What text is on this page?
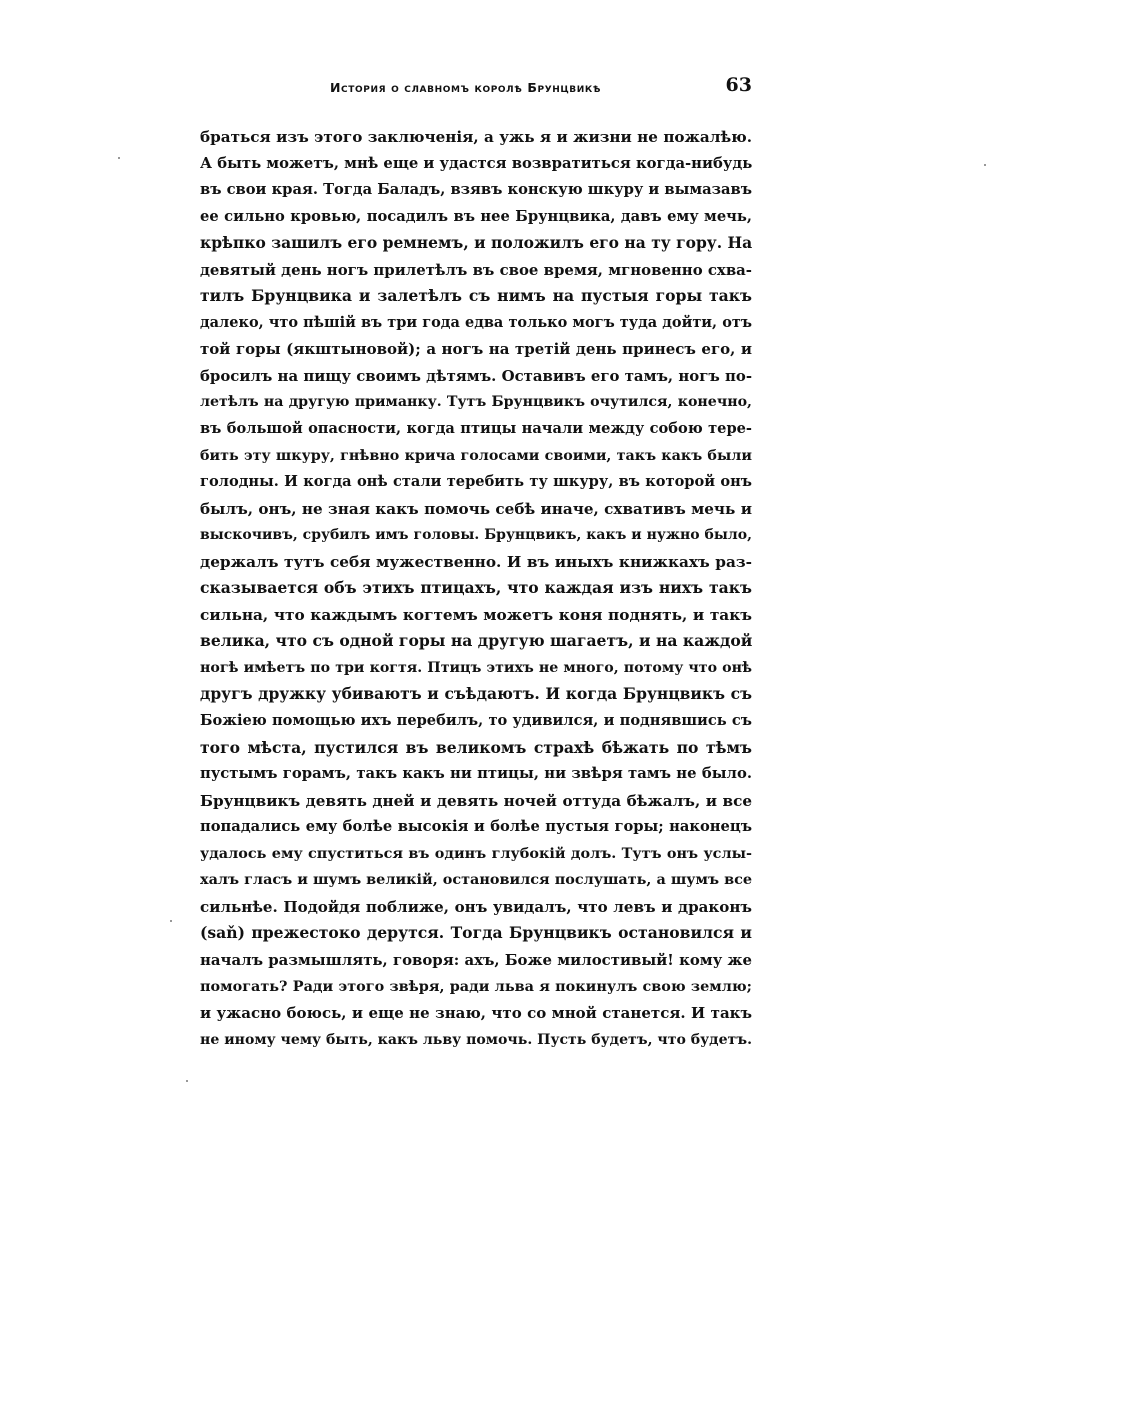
История о славномъ королѣ Брунцвикѣ	63
браться изъ этого заключенія, а ужь я и жизни не пожалѣю.
А быть можетъ, мнѣ еще и удастся возвратиться когда-нибудь
въ свои края. Тогда Баладъ, взявъ конскую шкуру и вымазавъ
ее сильно кровью, посадилъ въ нее Брунцвика, давъ ему мечь,
крѣпко зашилъ его ремнемъ, и положилъ его на ту гору. На
девятый день ногъ прилетѣлъ въ свое время, мгновенно схва-
тилъ Брунцвика и залетѣлъ съ нимъ на пустыя горы такъ
далеко, что пѣшій въ три года едва только могъ туда дойти, отъ
той горы (якштыновой); а ногъ на третій день принесъ его, и
бросилъ на пищу своимъ дѣтямъ. Оставивъ его тамъ, ногъ по-
летѣлъ на другую приманку. Тутъ Брунцвикъ очутился, конечно,
въ большой опасности, когда птицы начали между собою тере-
бить эту шкуру, гнѣвно крича голосами своими, такъ какъ были
голодны. И когда онѣ стали теребить ту шкуру, въ которой онъ
былъ, онъ, не зная какъ помочь себѣ иначе, схвативъ мечь и
выскочивъ, срубилъ имъ головы. Брунцвикъ, какъ и нужно было,
держалъ тутъ себя мужественно. И въ иныхъ книжкахъ раз-
сказывается объ этихъ птицахъ, что каждая изъ нихъ такъ
сильна, что каждымъ когтемъ можетъ коня поднять, и такъ
велика, что съ одной горы на другую шагаетъ, и на каждой
ногѣ имѣетъ по три когтя. Птицъ этихъ не много, потому что онѣ
другъ дружку убиваютъ и съѣдаютъ. И когда Брунцвикъ съ
Божіею помощью ихъ перебилъ, то удивился, и поднявшись съ
того мѣста, пустился въ великомъ страхѣ бѣжать по тѣмъ
пустымъ горамъ, такъ какъ ни птицы, ни звѣря тамъ не было.
Брунцвикъ девять дней и девять ночей оттуда бѣжалъ, и все
попадались ему болѣе высокія и болѣе пустыя горы; наконецъ
удалось ему спуститься въ одинъ глубокій долъ. Тутъ онъ услы-
халъ гласъ и шумъ великій, остановился послушать, а шумъ все
сильнѣе. Подойдя поближе, онъ увидалъ, что левъ и драконъ
(saň) прежестоко дерутся. Тогда Брунцвикъ остановился и
началъ размышлять, говоря: ахъ, Боже милостивый! кому же
помогать? Ради этого звѣря, ради льва я покинулъ свою землю;
и ужасно боюсь, и еще не знаю, что со мной станется. И такъ
не иному чему быть, какъ льву помочь. Пусть будетъ, что будетъ.
